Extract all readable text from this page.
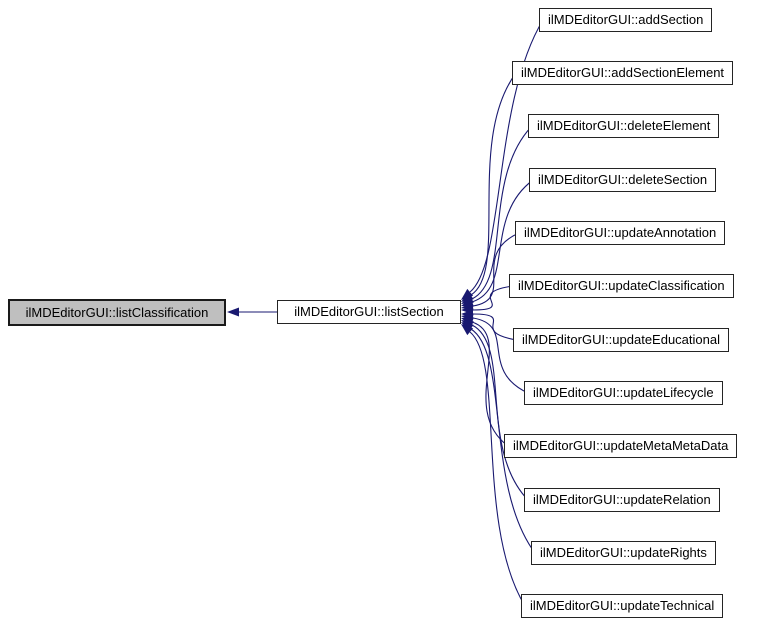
ilMDEditorGUI::listClassification	ilMDEditorGUI::listSection
ilMDEditorGUI::addSection
ilMDEditorGUI::addSectionElement
ilMDEditorGUI::deleteElement
ilMDEditorGUI::deleteSection
ilMDEditorGUI::updateAnnotation
ilMDEditorGUI::updateClassification
ilMDEditorGUI::updateEducational
ilMDEditorGUI::updateLifecycle
ilMDEditorGUI::updateMetaMetaData
ilMDEditorGUI::updateRelation
ilMDEditorGUI::updateRights
ilMDEditorGUI::updateTechnical
